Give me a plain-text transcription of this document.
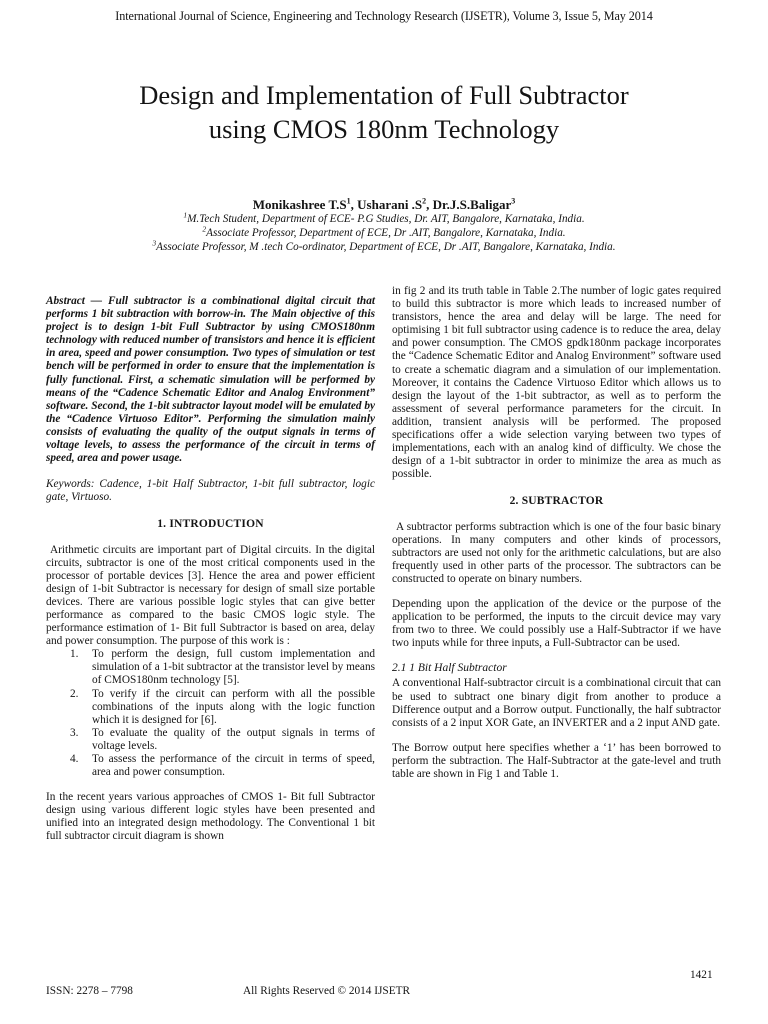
International Journal of Science, Engineering and Technology Research (IJSETR), Volume 3, Issue 5, May 2014
Design and Implementation of Full Subtractor
using CMOS 180nm Technology
Monikashree $T.S^1$, Usharani $.S^2$, Dr.J.S.Baligar$^3$
$^1$M.Tech Student, Department of ECE- P.G Studies, Dr. AIT, Bangalore, Karnataka, India.
$^2$Associate Professor, Department of ECE, Dr .AIT, Bangalore, Karnataka, India.
$^3$Associate Professor, M .tech Co-ordinator, Department of ECE, Dr .AIT, Bangalore, Karnataka, India.

Abstract — Full subtractor is a combinational digital circuit that performs 1 bit subtraction with borrow-in. The Main objective of this project is to design 1-bit Full Subtractor by using CMOS180nm technology with reduced number of transistors and hence it is efficient in area, speed and power consumption. Two types of simulation or test bench will be performed in order to ensure that the implementation is fully functional. First, a schematic simulation will be performed by means of the “Cadence Schematic Editor and Analog Environment” software. Second, the 1-bit subtractor layout model will be emulated by the “Cadence Virtuoso Editor”. Performing the simulation mainly consists of evaluating the quality of the output signals in terms of voltage levels, to assess the performance of the circuit in terms of speed, area and power usage.

Keywords: Cadence, 1-bit Half Subtractor, 1-bit full subtractor, logic gate, Virtuoso.

1. INTRODUCTION

Arithmetic circuits are important part of Digital circuits. In the digital circuits, subtractor is one of the most critical components used in the processor of portable devices [3]. Hence the area and power efficient design of 1-bit Subtractor is necessary for design of small size portable devices. There are various possible logic styles that can give better performance as compared to the basic CMOS logic style. The performance estimation of 1- Bit full Subtractor is based on area, delay and power consumption. The purpose of this work is :

1. To perform the design, full custom implementation and simulation of a 1-bit subtractor at the transistor level by means of CMOS180nm technology [5].
2. To verify if the circuit can perform with all the possible combinations of the inputs along with the logic function which it is designed for [6].
3. To evaluate the quality of the output signals in terms of voltage levels.
4. To assess the performance of the circuit in terms of speed, area and power consumption.

In the recent years various approaches of CMOS 1- Bit full Subtractor design using various different logic styles have been presented and unified into an integrated design methodology. The Conventional 1 bit full subtractor circuit diagram is shown

in fig 2 and its truth table in Table 2.The number of logic gates required to build this subtractor is more which leads to increased number of transistors, hence the area and delay will be large. The need for optimising 1 bit full subtractor using cadence is to reduce the area, delay and power consumption. The CMOS gpdk180nm package incorporates the “Cadence Schematic Editor and Analog Environment” software used to create a schematic diagram and a simulation of our implementation. Moreover, it contains the Cadence Virtuoso Editor which allows us to design the layout of the 1-bit subtractor, as well as to perform the assessment of several performance parameters for the circuit. In addition, transient analysis will be performed. The proposed specifications offer a wide selection varying between two types of implementations, each with an analog kind of difficulty. We chose the design of a 1-bit subtractor in order to minimize the area as much as possible.

2. SUBTRACTOR

A subtractor performs subtraction which is one of the four basic binary operations. In many computers and other kinds of processors, subtractors are used not only for the arithmetic calculations, but are also frequently used in other parts of the processor. The subtractors can be constructed to operate on binary numbers.

Depending upon the application of the device or the purpose of the application to be performed, the inputs to the circuit device may vary from two to three. We could possibly use a Half-Subtractor if we have two inputs while for three inputs, a Full-Subtractor can be used.

2.1 1 Bit Half Subtractor

A conventional Half-subtractor circuit is a combinational circuit that can be used to subtract one binary digit from another to produce a Difference output and a Borrow output. Functionally, the half subtractor consists of a 2 input XOR Gate, an INVERTER and a 2 input AND gate.

The Borrow output here specifies whether a ‘1’ has been borrowed to perform the subtraction. The Half-Subtractor at the gate-level and truth table are shown in Fig 1 and Table 1.

1421
ISSN: 2278 – 7798	All Rights Reserved © 2014 IJSETR
